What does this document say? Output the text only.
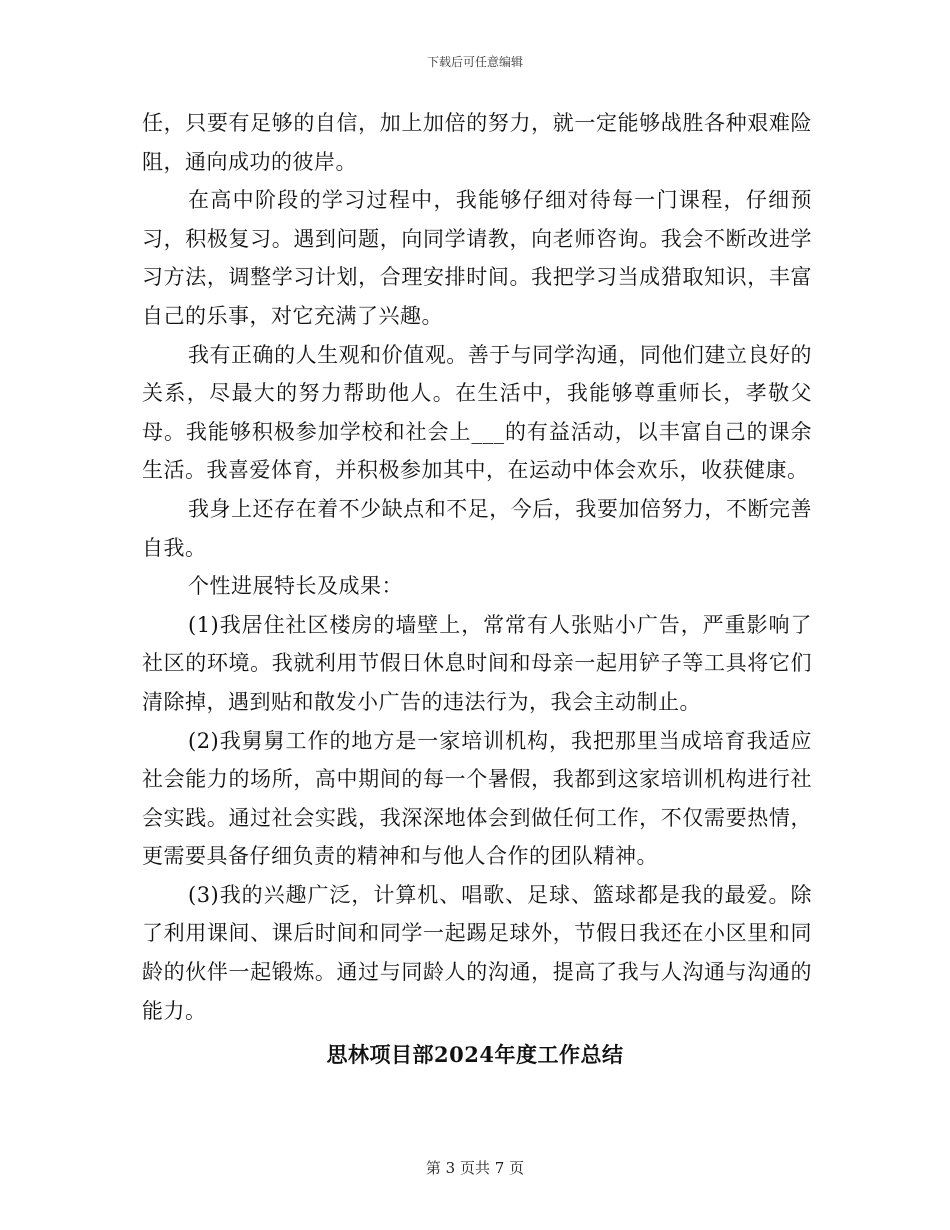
下载后可任意编辑

任，只要有足够的自信，加上加倍的努力，就一定能够战胜各种艰难险阻，通向成功的彼岸。

在高中阶段的学习过程中，我能够仔细对待每一门课程，仔细预习，积极复习。遇到问题，向同学请教，向老师咨询。我会不断改进学习方法，调整学习计划，合理安排时间。我把学习当成猎取知识，丰富自己的乐事，对它充满了兴趣。

我有正确的人生观和价值观。善于与同学沟通，同他们建立良好的关系，尽最大的努力帮助他人。在生活中，我能够尊重师长，孝敬父母。我能够积极参加学校和社会上___的有益活动，以丰富自己的课余生活。我喜爱体育，并积极参加其中，在运动中体会欢乐，收获健康。

我身上还存在着不少缺点和不足，今后，我要加倍努力，不断完善自我。

个性进展特长及成果：

(1)我居住社区楼房的墙壁上，常常有人张贴小广告，严重影响了社区的环境。我就利用节假日休息时间和母亲一起用铲子等工具将它们清除掉，遇到贴和散发小广告的违法行为，我会主动制止。

(2)我舅舅工作的地方是一家培训机构，我把那里当成培育我适应社会能力的场所，高中期间的每一个暑假，我都到这家培训机构进行社会实践。通过社会实践，我深深地体会到做任何工作，不仅需要热情，更需要具备仔细负责的精神和与他人合作的团队精神。

(3)我的兴趣广泛，计算机、唱歌、足球、篮球都是我的最爱。除了利用课间、课后时间和同学一起踢足球外，节假日我还在小区里和同龄的伙伴一起锻炼。通过与同龄人的沟通，提高了我与人沟通与沟通的能力。

思林项目部2024年度工作总结
第 3 页共 7 页
